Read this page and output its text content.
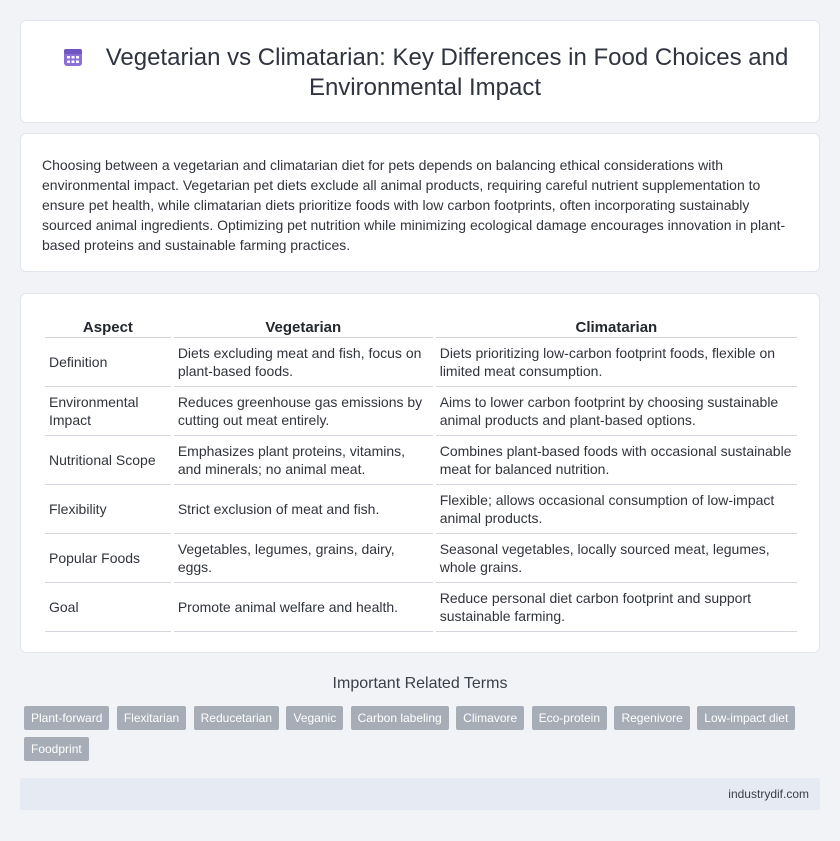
Vegetarian vs Climatarian: Key Differences in Food Choices and Environmental Impact

Choosing between a vegetarian and climatarian diet for pets depends on balancing ethical considerations with environmental impact. Vegetarian pet diets exclude all animal products, requiring careful nutrient supplementation to ensure pet health, while climatarian diets prioritize foods with low carbon footprints, often incorporating sustainably sourced animal ingredients. Optimizing pet nutrition while minimizing ecological damage encourages innovation in plant-based proteins and sustainable farming practices.

Aspect	Vegetarian	Climatarian
Definition	Diets excluding meat and fish, focus on plant-based foods.	Diets prioritizing low-carbon footprint foods, flexible on limited meat consumption.
Environmental Impact	Reduces greenhouse gas emissions by cutting out meat entirely.	Aims to lower carbon footprint by choosing sustainable animal products and plant-based options.
Nutritional Scope	Emphasizes plant proteins, vitamins, and minerals; no animal meat.	Combines plant-based foods with occasional sustainable meat for balanced nutrition.
Flexibility	Strict exclusion of meat and fish.	Flexible; allows occasional consumption of low-impact animal products.
Popular Foods	Vegetables, legumes, grains, dairy, eggs.	Seasonal vegetables, locally sourced meat, legumes, whole grains.
Goal	Promote animal welfare and health.	Reduce personal diet carbon footprint and support sustainable farming.
Important Related Terms
Plant-forward Flexitarian Reducetarian Veganic Carbon labeling Climavore Eco-protein Regenivore Low-impact diet Foodprint
industrydif.com
